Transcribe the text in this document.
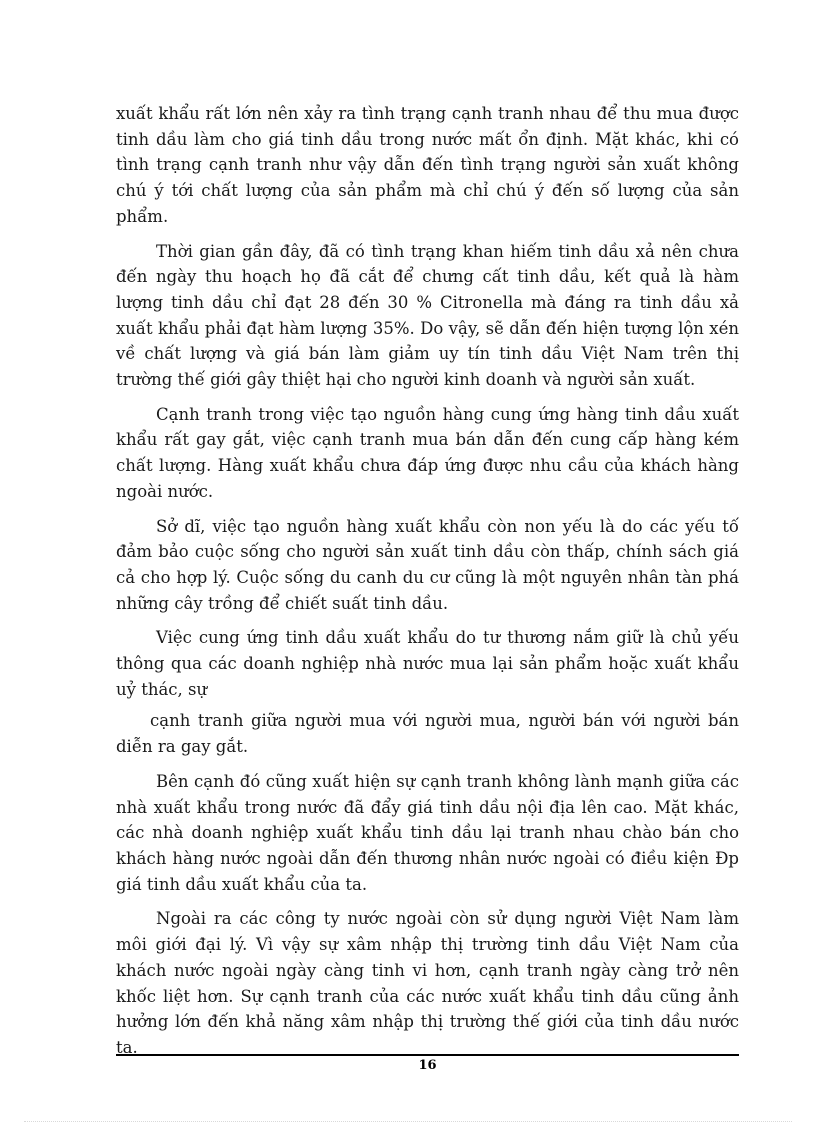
xuất khẩu rất lớn nên xảy ra tình trạng cạnh tranh nhau để thu mua được tinh dầu làm cho giá tinh dầu trong nước mất ổn định. Mặt khác, khi có tình trạng cạnh tranh như vậy dẫn đến tình trạng người sản xuất không chú ý tới chất lượng của sản phẩm mà chỉ chú ý đến số lượng của sản phẩm.

Thời gian gần đây, đã có tình trạng khan hiếm tinh dầu xả nên chưa đến ngày thu hoạch họ đã cắt để chưng cất tinh dầu, kết quả là hàm lượng tinh dầu chỉ đạt 28 đến 30 % Citronella mà đáng ra tinh dầu xả xuất khẩu phải đạt hàm lượng 35%. Do vậy, sẽ dẫn đến hiện tượng lộn xén về chất lượng và giá bán làm giảm uy tín tinh dầu Việt Nam trên thị trường thế giới gây thiệt hại cho người kinh doanh và người sản xuất.

Cạnh tranh trong việc tạo nguồn hàng cung ứng hàng tinh dầu xuất khẩu rất gay gắt, việc cạnh tranh mua bán dẫn đến cung cấp hàng kém chất lượng. Hàng xuất khẩu chưa đáp ứng được nhu cầu của khách hàng ngoài nước.

Sở dĩ, việc tạo nguồn hàng xuất khẩu còn non yếu là do các yếu tố đảm bảo cuộc sống cho người sản xuất tinh dầu còn thấp, chính sách giá cả cho hợp lý. Cuộc sống du canh du cư cũng là một nguyên nhân tàn phá những cây trồng để chiết suất tinh dầu.

Việc cung ứng tinh dầu xuất khẩu do tư thương nắm giữ là chủ yếu thông qua các doanh nghiệp nhà nước mua lại sản phẩm hoặc xuất khẩu uỷ thác, sự

cạnh tranh giữa người mua với người mua, người bán với người bán diễn ra gay gắt.

Bên cạnh đó cũng xuất hiện sự cạnh tranh không lành mạnh giữa các nhà xuất khẩu trong nước đã đẩy giá tinh dầu nội địa lên cao. Mặt khác, các nhà doanh nghiệp xuất khẩu tinh dầu lại tranh nhau chào bán cho khách hàng nước ngoài dẫn đến thương nhân nước ngoài có điều kiện Đp giá tinh dầu xuất khẩu của ta.

Ngoài ra các công ty nước ngoài còn sử dụng người Việt Nam làm môi giới đại lý. Vì vậy sự xâm nhập thị trường tinh dầu Việt Nam của khách nước ngoài ngày càng tinh vi hơn, cạnh tranh ngày càng trở nên khốc liệt hơn. Sự cạnh tranh của các nước xuất khẩu tinh dầu cũng ảnh hưởng lớn đến khả năng xâm nhập thị trường thế giới của tinh dầu nước ta.

16
